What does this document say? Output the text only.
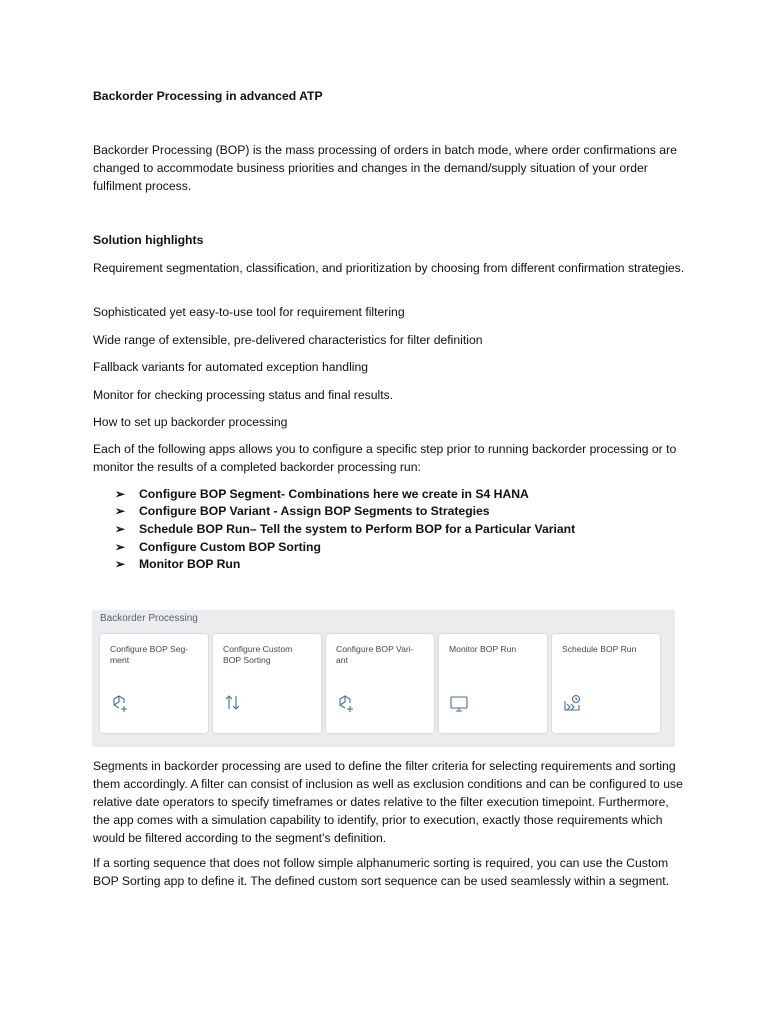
Backorder Processing in advanced ATP
Backorder Processing (BOP) is the mass processing of orders in batch mode, where order confirmations are changed to accommodate business priorities and changes in the demand/supply situation of your order fulfilment process.
Solution highlights
Requirement segmentation, classification, and prioritization by choosing from different confirmation strategies.
Sophisticated yet easy-to-use tool for requirement filtering
Wide range of extensible, pre-delivered characteristics for filter definition
Fallback variants for automated exception handling
Monitor for checking processing status and final results.
How to set up backorder processing
Each of the following apps allows you to configure a specific step prior to running backorder processing or to monitor the results of a completed backorder processing run:
➢	Configure BOP Segment- Combinations here we create in S4 HANA
➢	Configure BOP Variant - Assign BOP Segments to Strategies
➢	Schedule BOP Run– Tell the system to Perform BOP for a Particular Variant
➢	Configure Custom BOP Sorting
➢	Monitor BOP Run
Backorder Processing
Configure BOP Seg-
ment
Configure Custom
BOP Sorting
Configure BOP Vari-
ant
Monitor BOP Run	Schedule BOP Run
Segments in backorder processing are used to define the filter criteria for selecting requirements and sorting them accordingly. A filter can consist of inclusion as well as exclusion conditions and can be configured to use relative date operators to specify timeframes or dates relative to the filter execution timepoint. Furthermore, the app comes with a simulation capability to identify, prior to execution, exactly those requirements which would be filtered according to the segment’s definition.
If a sorting sequence that does not follow simple alphanumeric sorting is required, you can use the Custom BOP Sorting app to define it. The defined custom sort sequence can be used seamlessly within a segment.
